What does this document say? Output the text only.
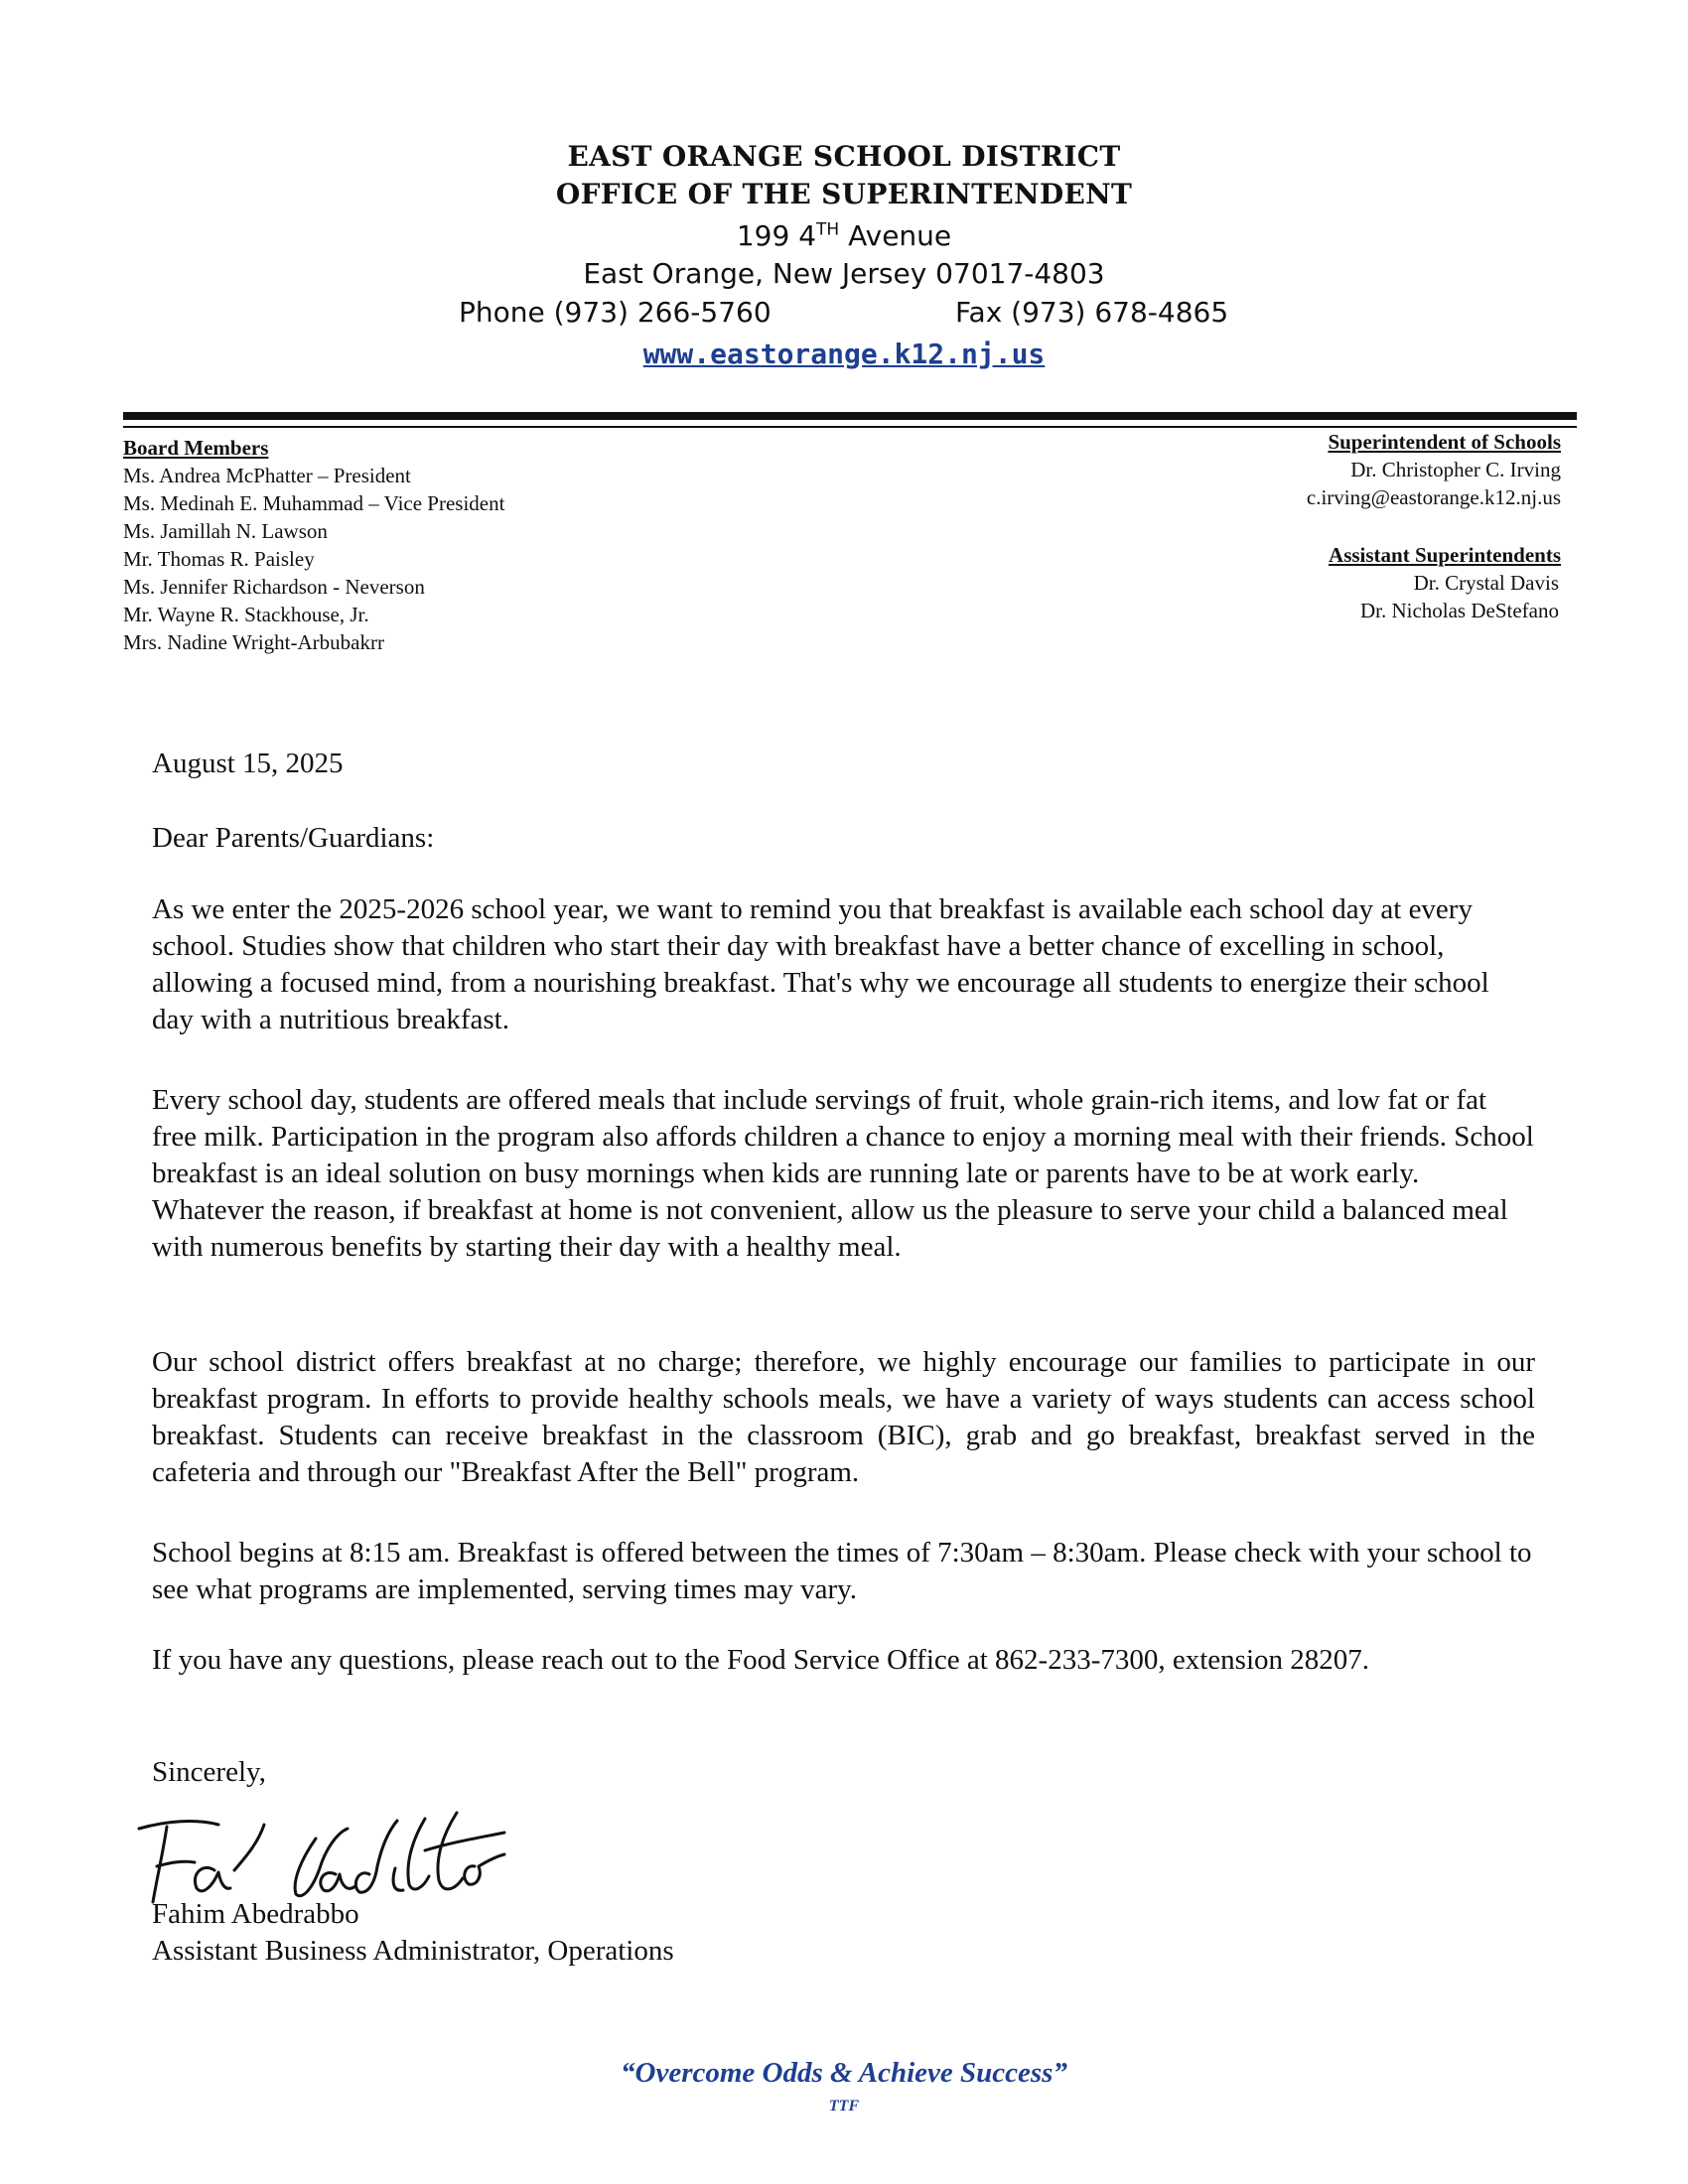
EAST ORANGE SCHOOL DISTRICT
OFFICE OF THE SUPERINTENDENT
199 4TH Avenue
East Orange, New Jersey 07017-4803
Phone (973) 266-5760	Fax (973) 678-4865
www.eastorange.k12.nj.us
Board Members
Ms. Andrea McPhatter – President
Ms. Medinah E. Muhammad – Vice President
Ms. Jamillah N. Lawson
Mr. Thomas R. Paisley
Ms. Jennifer Richardson - Neverson
Mr. Wayne R. Stackhouse, Jr.
Mrs. Nadine Wright-Arbubakrr
Superintendent of Schools
Dr. Christopher C. Irving
c.irving@eastorange.k12.nj.us
Assistant Superintendents
Dr. Crystal Davis
Dr. Nicholas DeStefano
August 15, 2025
Dear Parents/Guardians:
As we enter the 2025-2026 school year, we want to remind you that breakfast is available each school day at every school. Studies show that children who start their day with breakfast have a better chance of excelling in school, allowing a focused mind, from a nourishing breakfast. That's why we encourage all students to energize their school day with a nutritious breakfast.
Every school day, students are offered meals that include servings of fruit, whole grain-rich items, and low fat or fat free milk. Participation in the program also affords children a chance to enjoy a morning meal with their friends. School breakfast is an ideal solution on busy mornings when kids are running late or parents have to be at work early. Whatever the reason, if breakfast at home is not convenient, allow us the pleasure to serve your child a balanced meal with numerous benefits by starting their day with a healthy meal.
Our school district offers breakfast at no charge; therefore, we highly encourage our families to participate in our breakfast program. In efforts to provide healthy schools meals, we have a variety of ways students can access school breakfast. Students can receive breakfast in the classroom (BIC), grab and go breakfast, breakfast served in the cafeteria and through our "Breakfast After the Bell" program.
School begins at 8:15 am. Breakfast is offered between the times of 7:30am – 8:30am. Please check with your school to see what programs are implemented, serving times may vary.
If you have any questions, please reach out to the Food Service Office at 862-233-7300, extension 28207.
Sincerely,
Fahim Abedrabbo
Assistant Business Administrator, Operations
“Overcome Odds & Achieve Success”
TTF
